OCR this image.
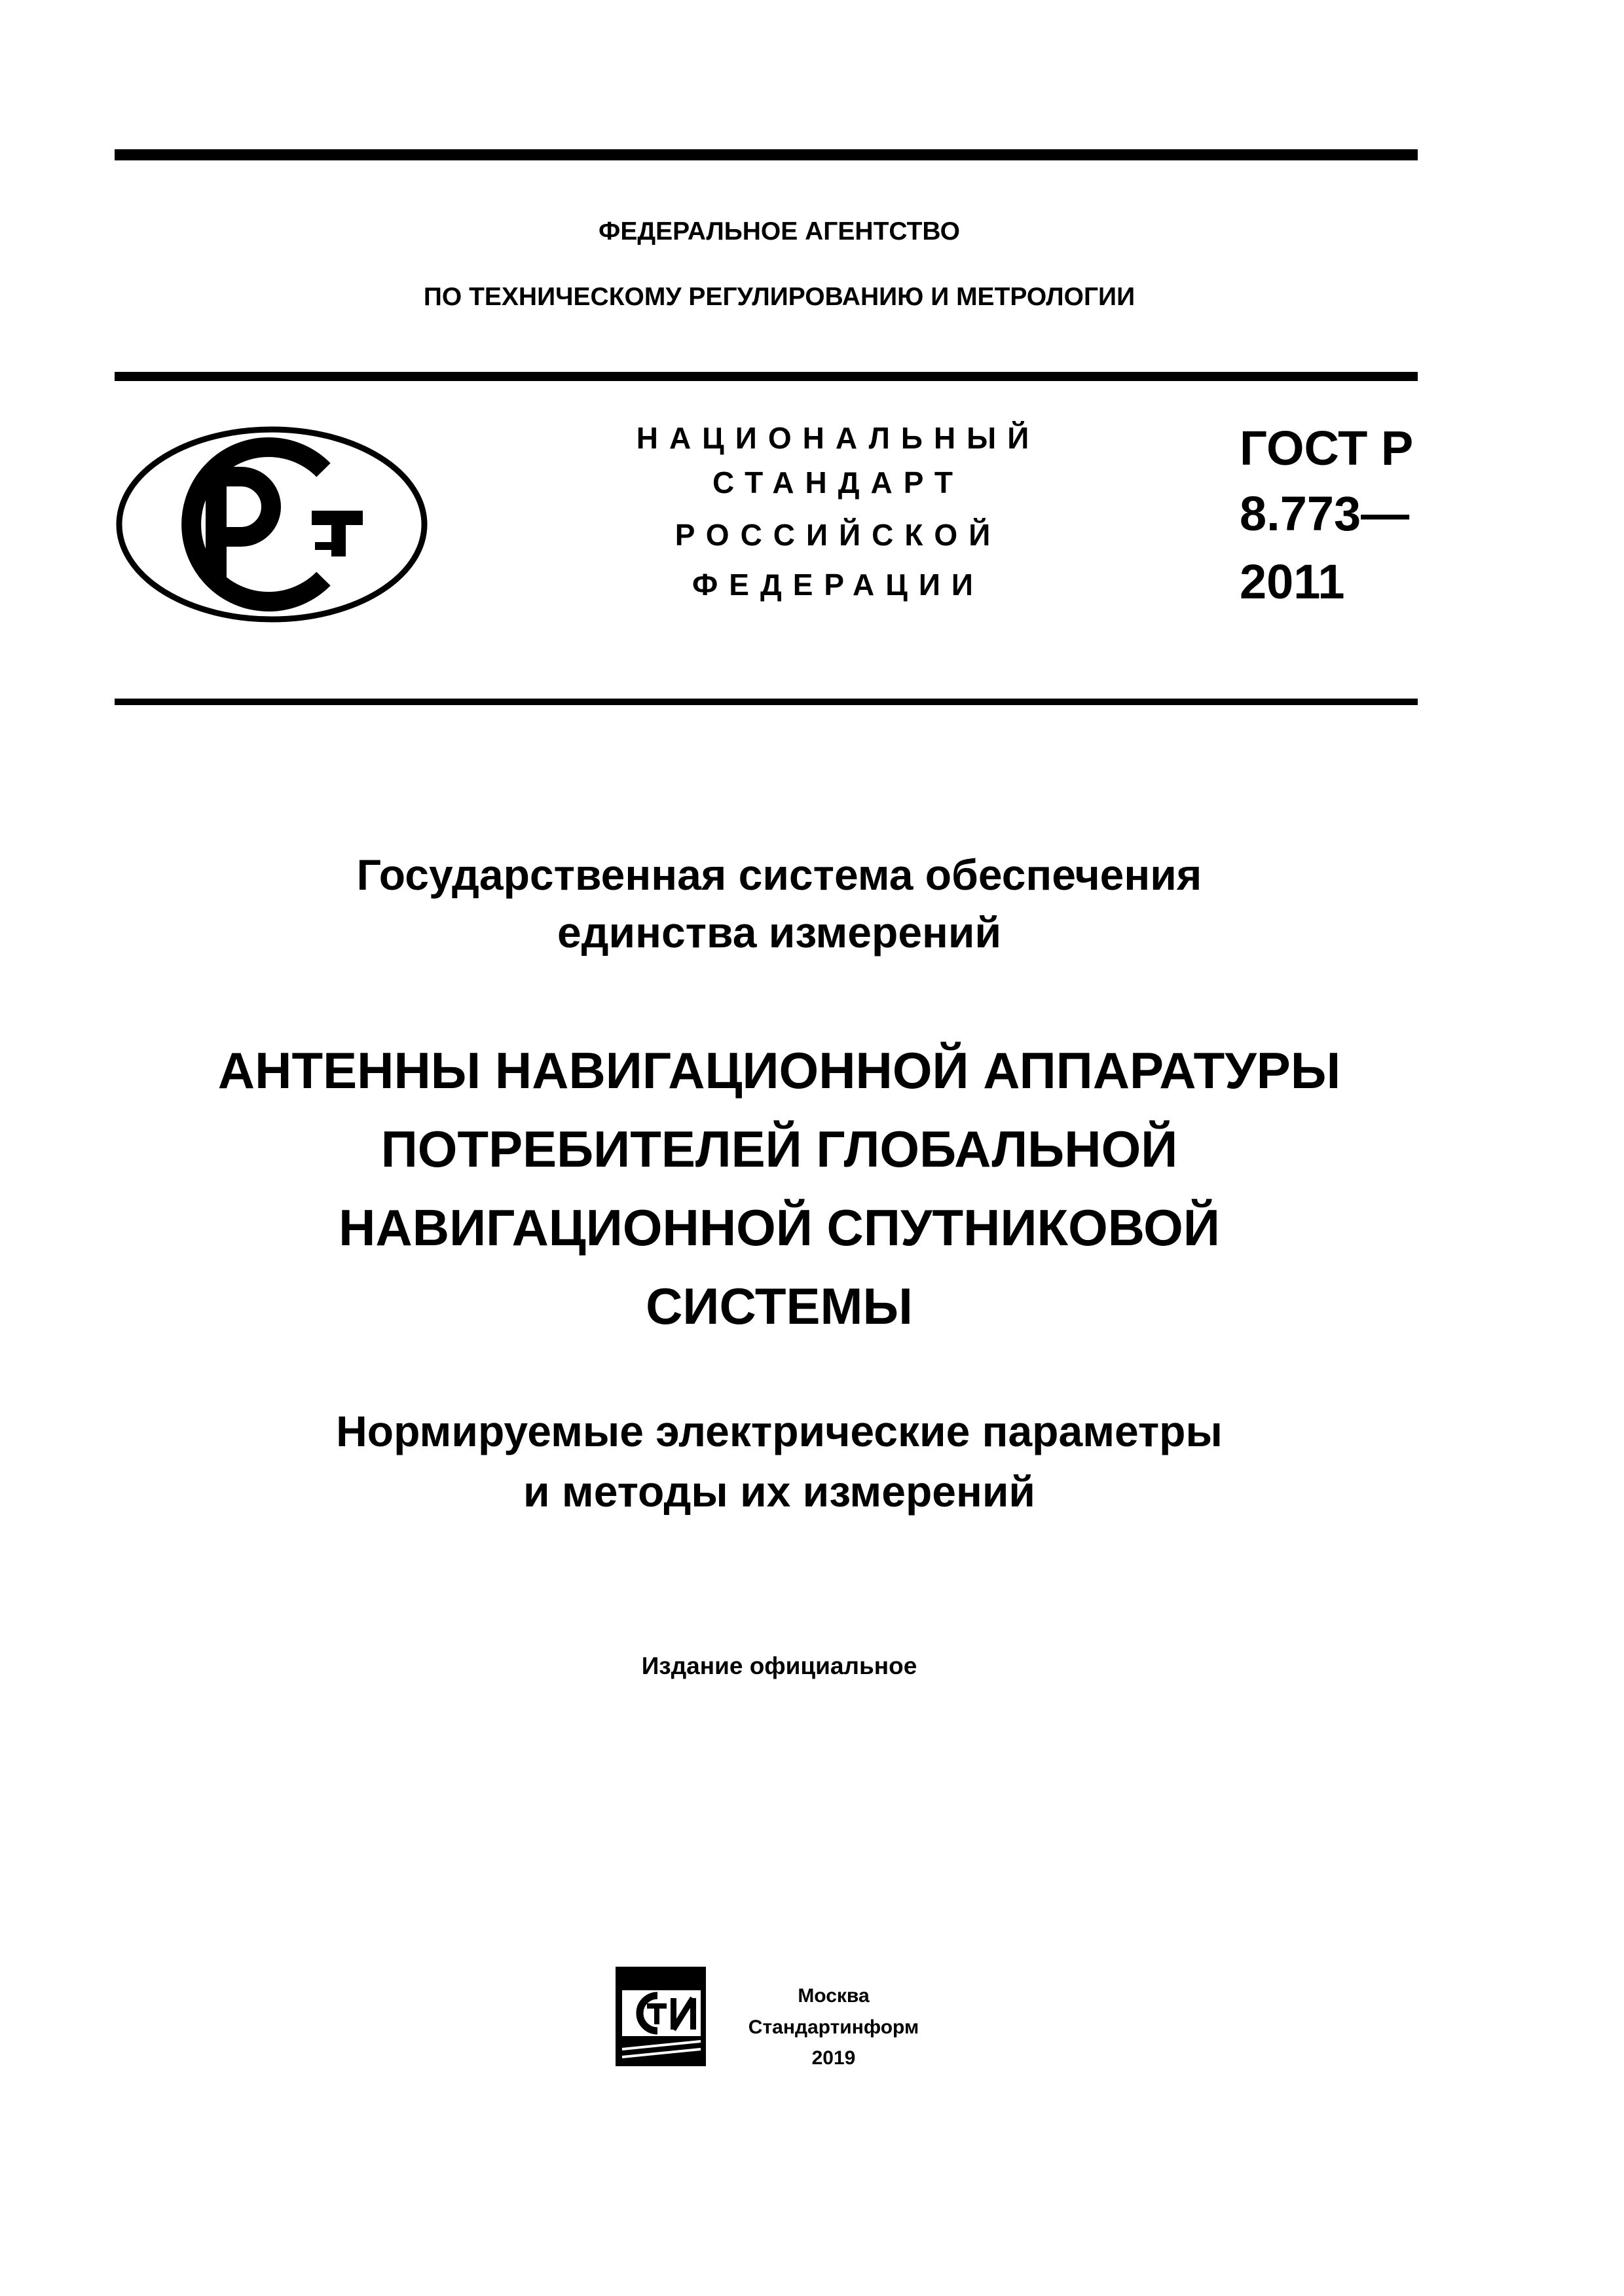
ФЕДЕРАЛЬНОЕ АГЕНТСТВО
ПО ТЕХНИЧЕСКОМУ РЕГУЛИРОВАНИЮ И МЕТРОЛОГИИ
НАЦИОНАЛЬНЫЙ
СТАНДАРТ
РОССИЙСКОЙ
ФЕДЕРАЦИИ
ГОСТ Р
8.773—
2011
Государственная система обеспечения
единства измерений
АНТЕННЫ НАВИГАЦИОННОЙ АППАРАТУРЫ
ПОТРЕБИТЕЛЕЙ ГЛОБАЛЬНОЙ
НАВИГАЦИОННОЙ СПУТНИКОВОЙ
СИСТЕМЫ
Нормируемые электрические параметры
и методы их измерений
Издание официальное
Москва
Стандартинформ
2019
